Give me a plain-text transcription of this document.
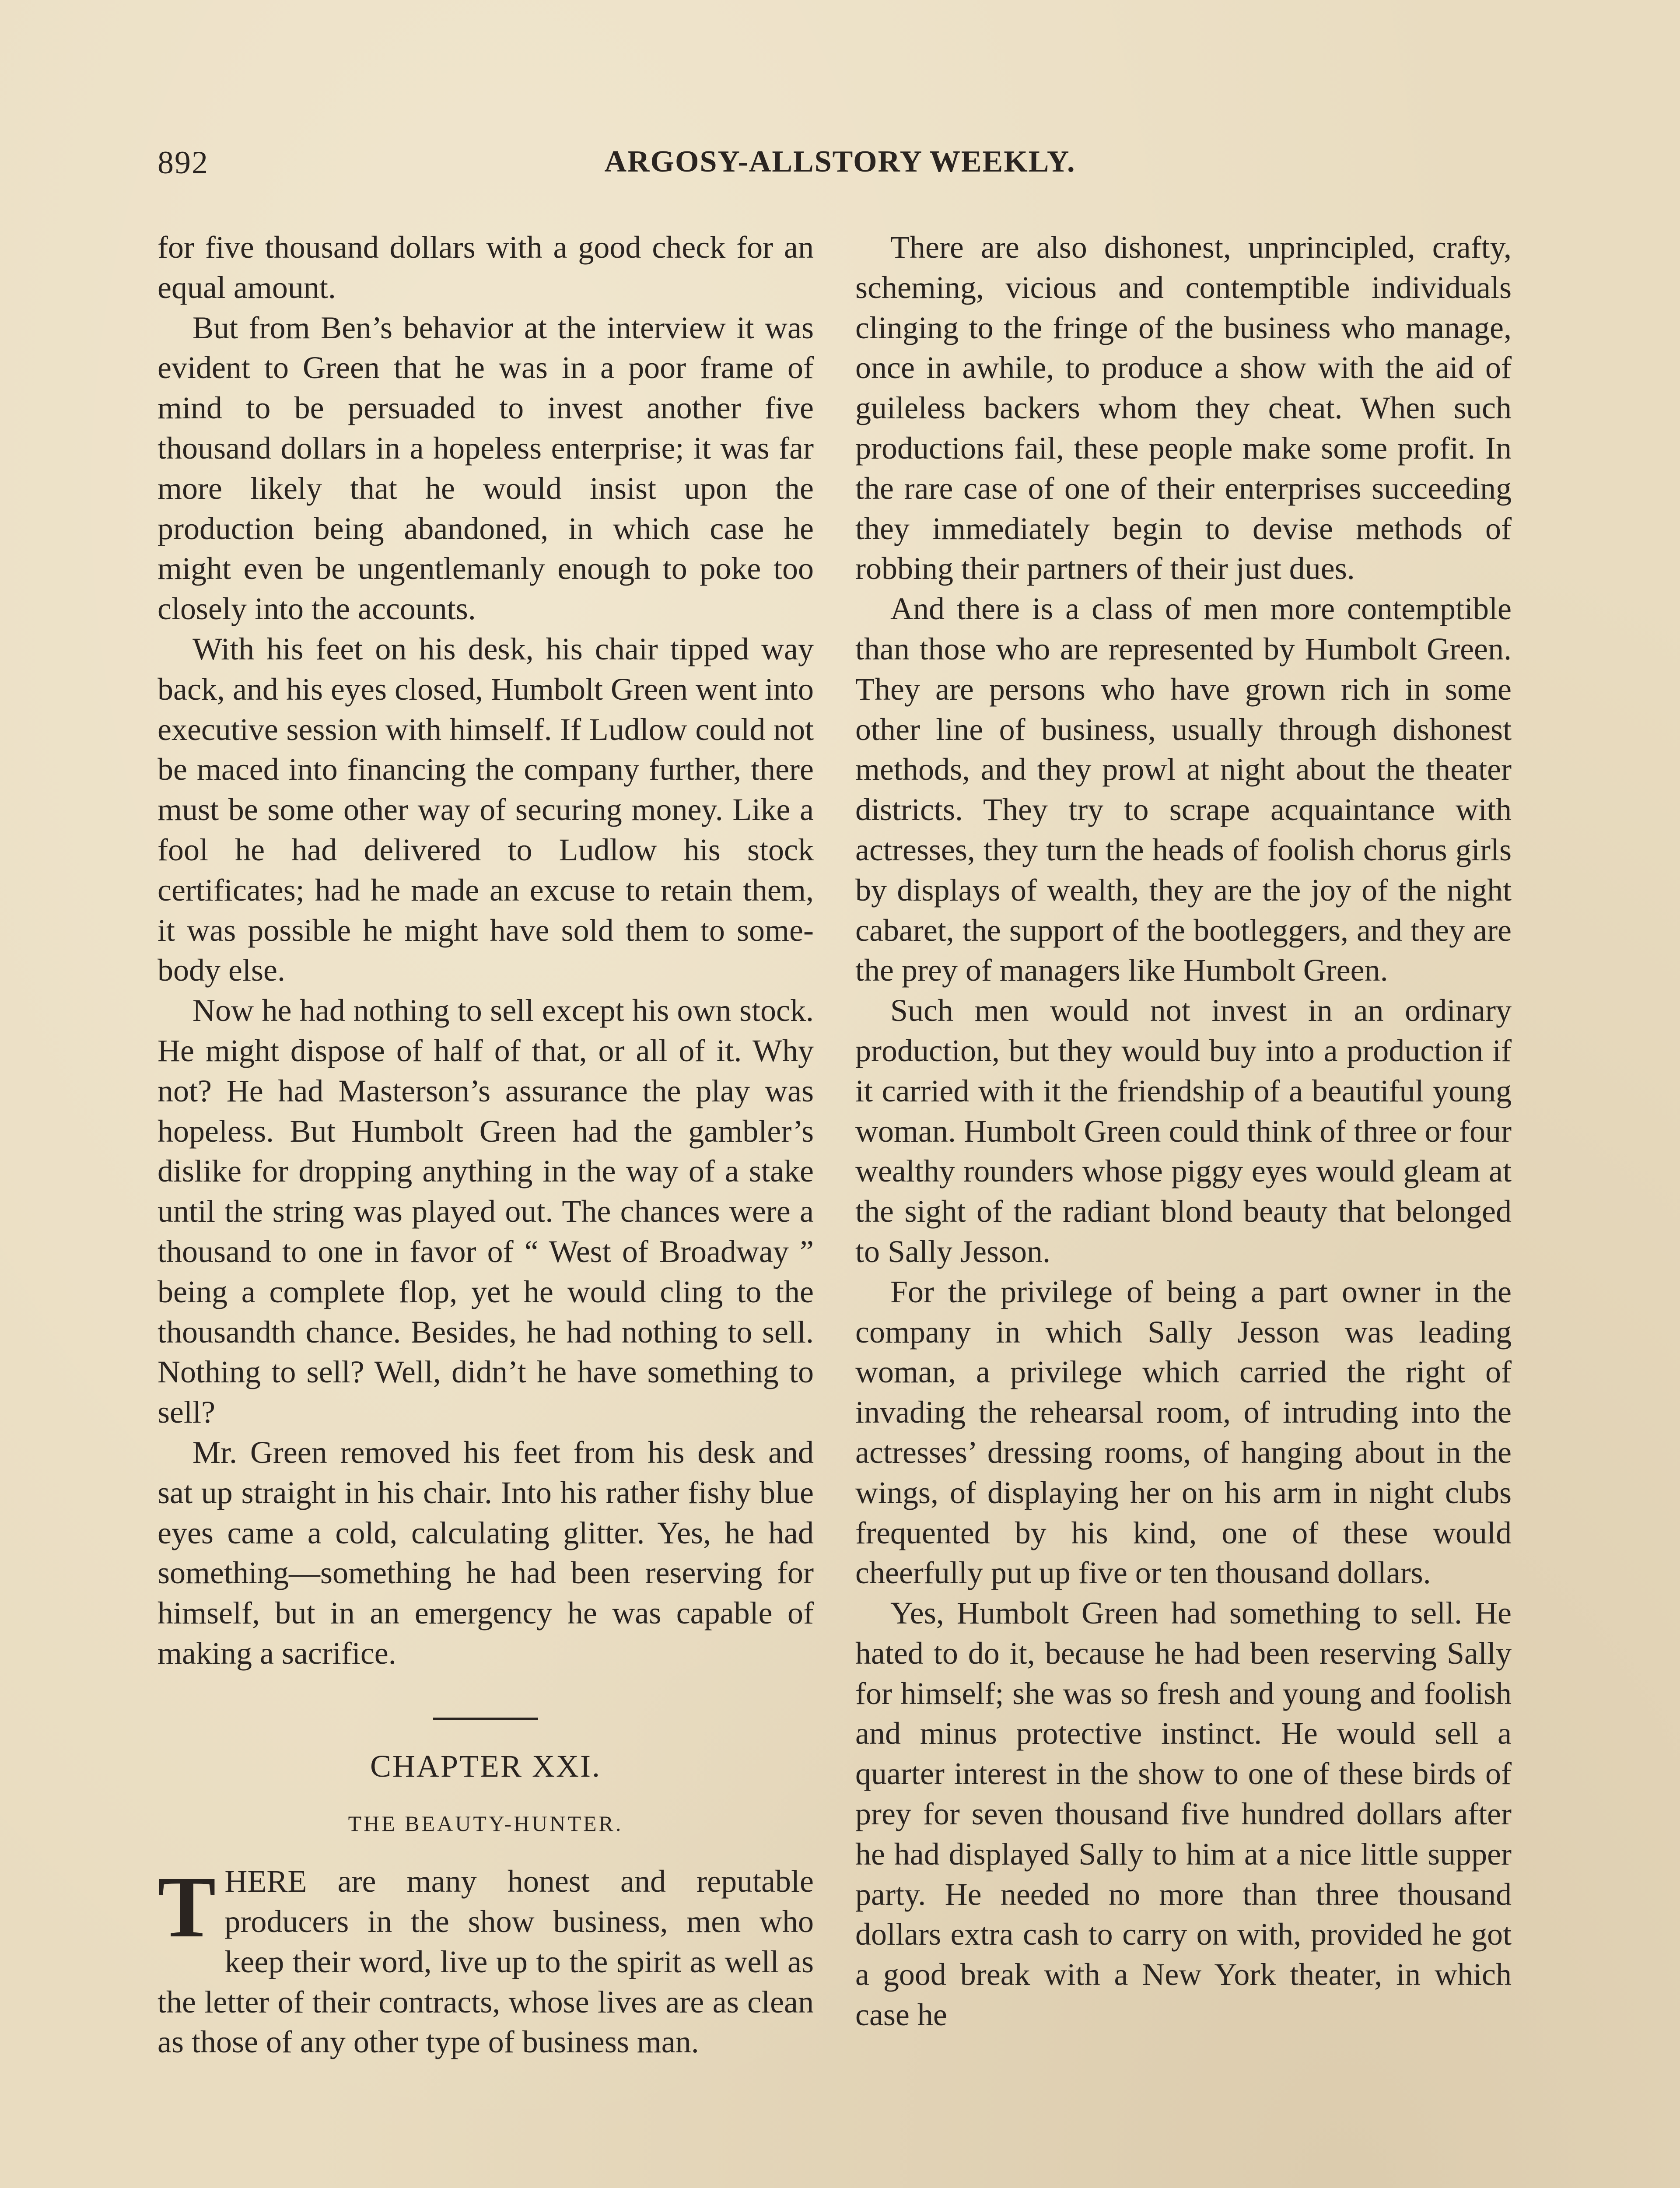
892	ARGOSY-ALLSTORY WEEKLY.

for five thousand dollars with a good check for an equal amount.

But from Ben’s behavior at the interview it was evident to Green that he was in a poor frame of mind to be persuaded to invest another five thousand dollars in a hopeless enterprise; it was far more likely that he would insist upon the production being abandoned, in which case he might even be ungentlemanly enough to poke too closely into the accounts.

With his feet on his desk, his chair tipped way back, and his eyes closed, Humbolt Green went into executive session with himself. If Ludlow could not be maced into financing the company further, there must be some other way of securing money. Like a fool he had delivered to Ludlow his stock certificates; had he made an excuse to retain them, it was possible he might have sold them to somebody else.

Now he had nothing to sell except his own stock. He might dispose of half of that, or all of it. Why not? He had Masterson’s assurance the play was hopeless. But Humbolt Green had the gambler’s dislike for dropping anything in the way of a stake until the string was played out. The chances were a thousand to one in favor of “ West of Broadway ” being a complete flop, yet he would cling to the thousandth chance. Besides, he had nothing to sell. Nothing to sell? Well, didn’t he have something to sell?

Mr. Green removed his feet from his desk and sat up straight in his chair. Into his rather fishy blue eyes came a cold, calculating glitter. Yes, he had something—something he had been reserving for himself, but in an emergency he was capable of making a sacrifice.

CHAPTER XXI.
THE BEAUTY-HUNTER.

THERE are many honest and reputable producers in the show business, men who keep their word, live up to the spirit as well as the letter of their contracts, whose lives are as clean as those of any other type of business man.

There are also dishonest, unprincipled, crafty, scheming, vicious and contemptible individuals clinging to the fringe of the business who manage, once in awhile, to produce a show with the aid of guileless backers whom they cheat. When such productions fail, these people make some profit. In the rare case of one of their enterprises succeeding they immediately begin to devise methods of robbing their partners of their just dues.

And there is a class of men more contemptible than those who are represented by Humbolt Green. They are persons who have grown rich in some other line of business, usually through dishonest methods, and they prowl at night about the theater districts. They try to scrape acquaintance with actresses, they turn the heads of foolish chorus girls by displays of wealth, they are the joy of the night cabaret, the support of the bootleggers, and they are the prey of managers like Humbolt Green.

Such men would not invest in an ordinary production, but they would buy into a production if it carried with it the friendship of a beautiful young woman. Humbolt Green could think of three or four wealthy rounders whose piggy eyes would gleam at the sight of the radiant blond beauty that belonged to Sally Jesson.

For the privilege of being a part owner in the company in which Sally Jesson was leading woman, a privilege which carried the right of invading the rehearsal room, of intruding into the actresses’ dressing rooms, of hanging about in the wings, of displaying her on his arm in night clubs frequented by his kind, one of these would cheerfully put up five or ten thousand dollars.

Yes, Humbolt Green had something to sell. He hated to do it, because he had been reserving Sally for himself; she was so fresh and young and foolish and minus protective instinct. He would sell a quarter interest in the show to one of these birds of prey for seven thousand five hundred dollars after he had displayed Sally to him at a nice little supper party. He needed no more than three thousand dollars extra cash to carry on with, provided he got a good break with a New York theater, in which case he
